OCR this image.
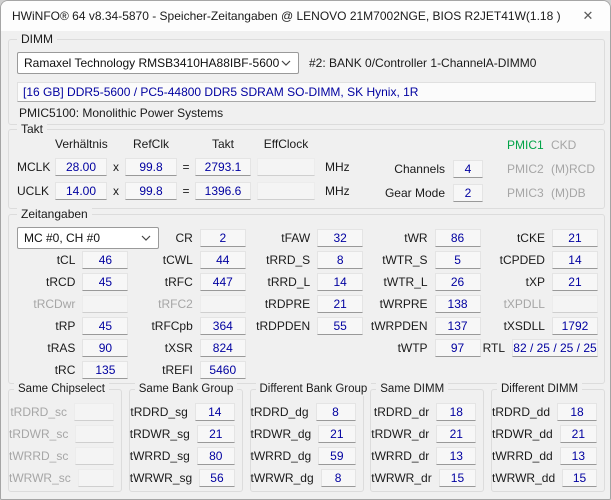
HWiNFO® 64 v8.34-5870 - Speicher-Zeitangaben @ LENOVO 21M7002NGE, BIOS R2JET41W(1.18 ) ✕
DIMM
Ramaxel Technology RMSB3410HA88IBF-5600 #2: BANK 0/Controller 1-ChannelA-DIMM0
[16 GB] DDR5-5600 / PC5-44800 DDR5 SDRAM SO-DIMM, SK Hynix, 1R
PMIC5100: Monolithic Power Systems
Takt
Verhältnis	RefClk	Takt	EffClock
MCLK	28.00	x	99.8	=	2793.1	MHz
UCLK	14.00	x	99.8	=	1396.6	MHz
Channels	4
Gear Mode	2
PMIC1 CKD
PMIC2 (M)RCD
PMIC3 (M)DB
Zeitangaben
tCL	46
tRCD	45
tRCDwr
tRP	45
tRAS	90
tRC	135
CR	2
tCWL	44
tRFC	447
tRFC2
tRFCpb	364
tXSR	824
tREFI	5460
tFAW	32
tRRD_S	8
tRRD_L	14
tRDPRE	21
tRDPDEN	55
tWR	86
tWTR_S	5
tWTR_L	26
tWRPRE	138
tWRPDEN	137
tWTP	97
tCKE	21
tCPDED	14
tXP	21
tXPDLL
tXSDLL	1792
RTL 82 / 25 / 25 / 25
MC #0, CH #0
Same Chipselect
tRDRD_sc
tRDWR_sc
tWRRD_sc
tWRWR_sc
Same Bank Group
tRDRD_sg	14
tRDWR_sg	21
tWRRD_sg	80
tWRWR_sg	56
Different Bank Group
tRDRD_dg	8
tRDWR_dg	21
tWRRD_dg	59
tWRWR_dg	8
Same DIMM
tRDRD_dr	18
tRDWR_dr	21
tWRRD_dr	13
tWRWR_dr	15
Different DIMM
tRDRD_dd	18
tRDWR_dd	21
tWRRD_dd	13
tWRWR_dd	15
